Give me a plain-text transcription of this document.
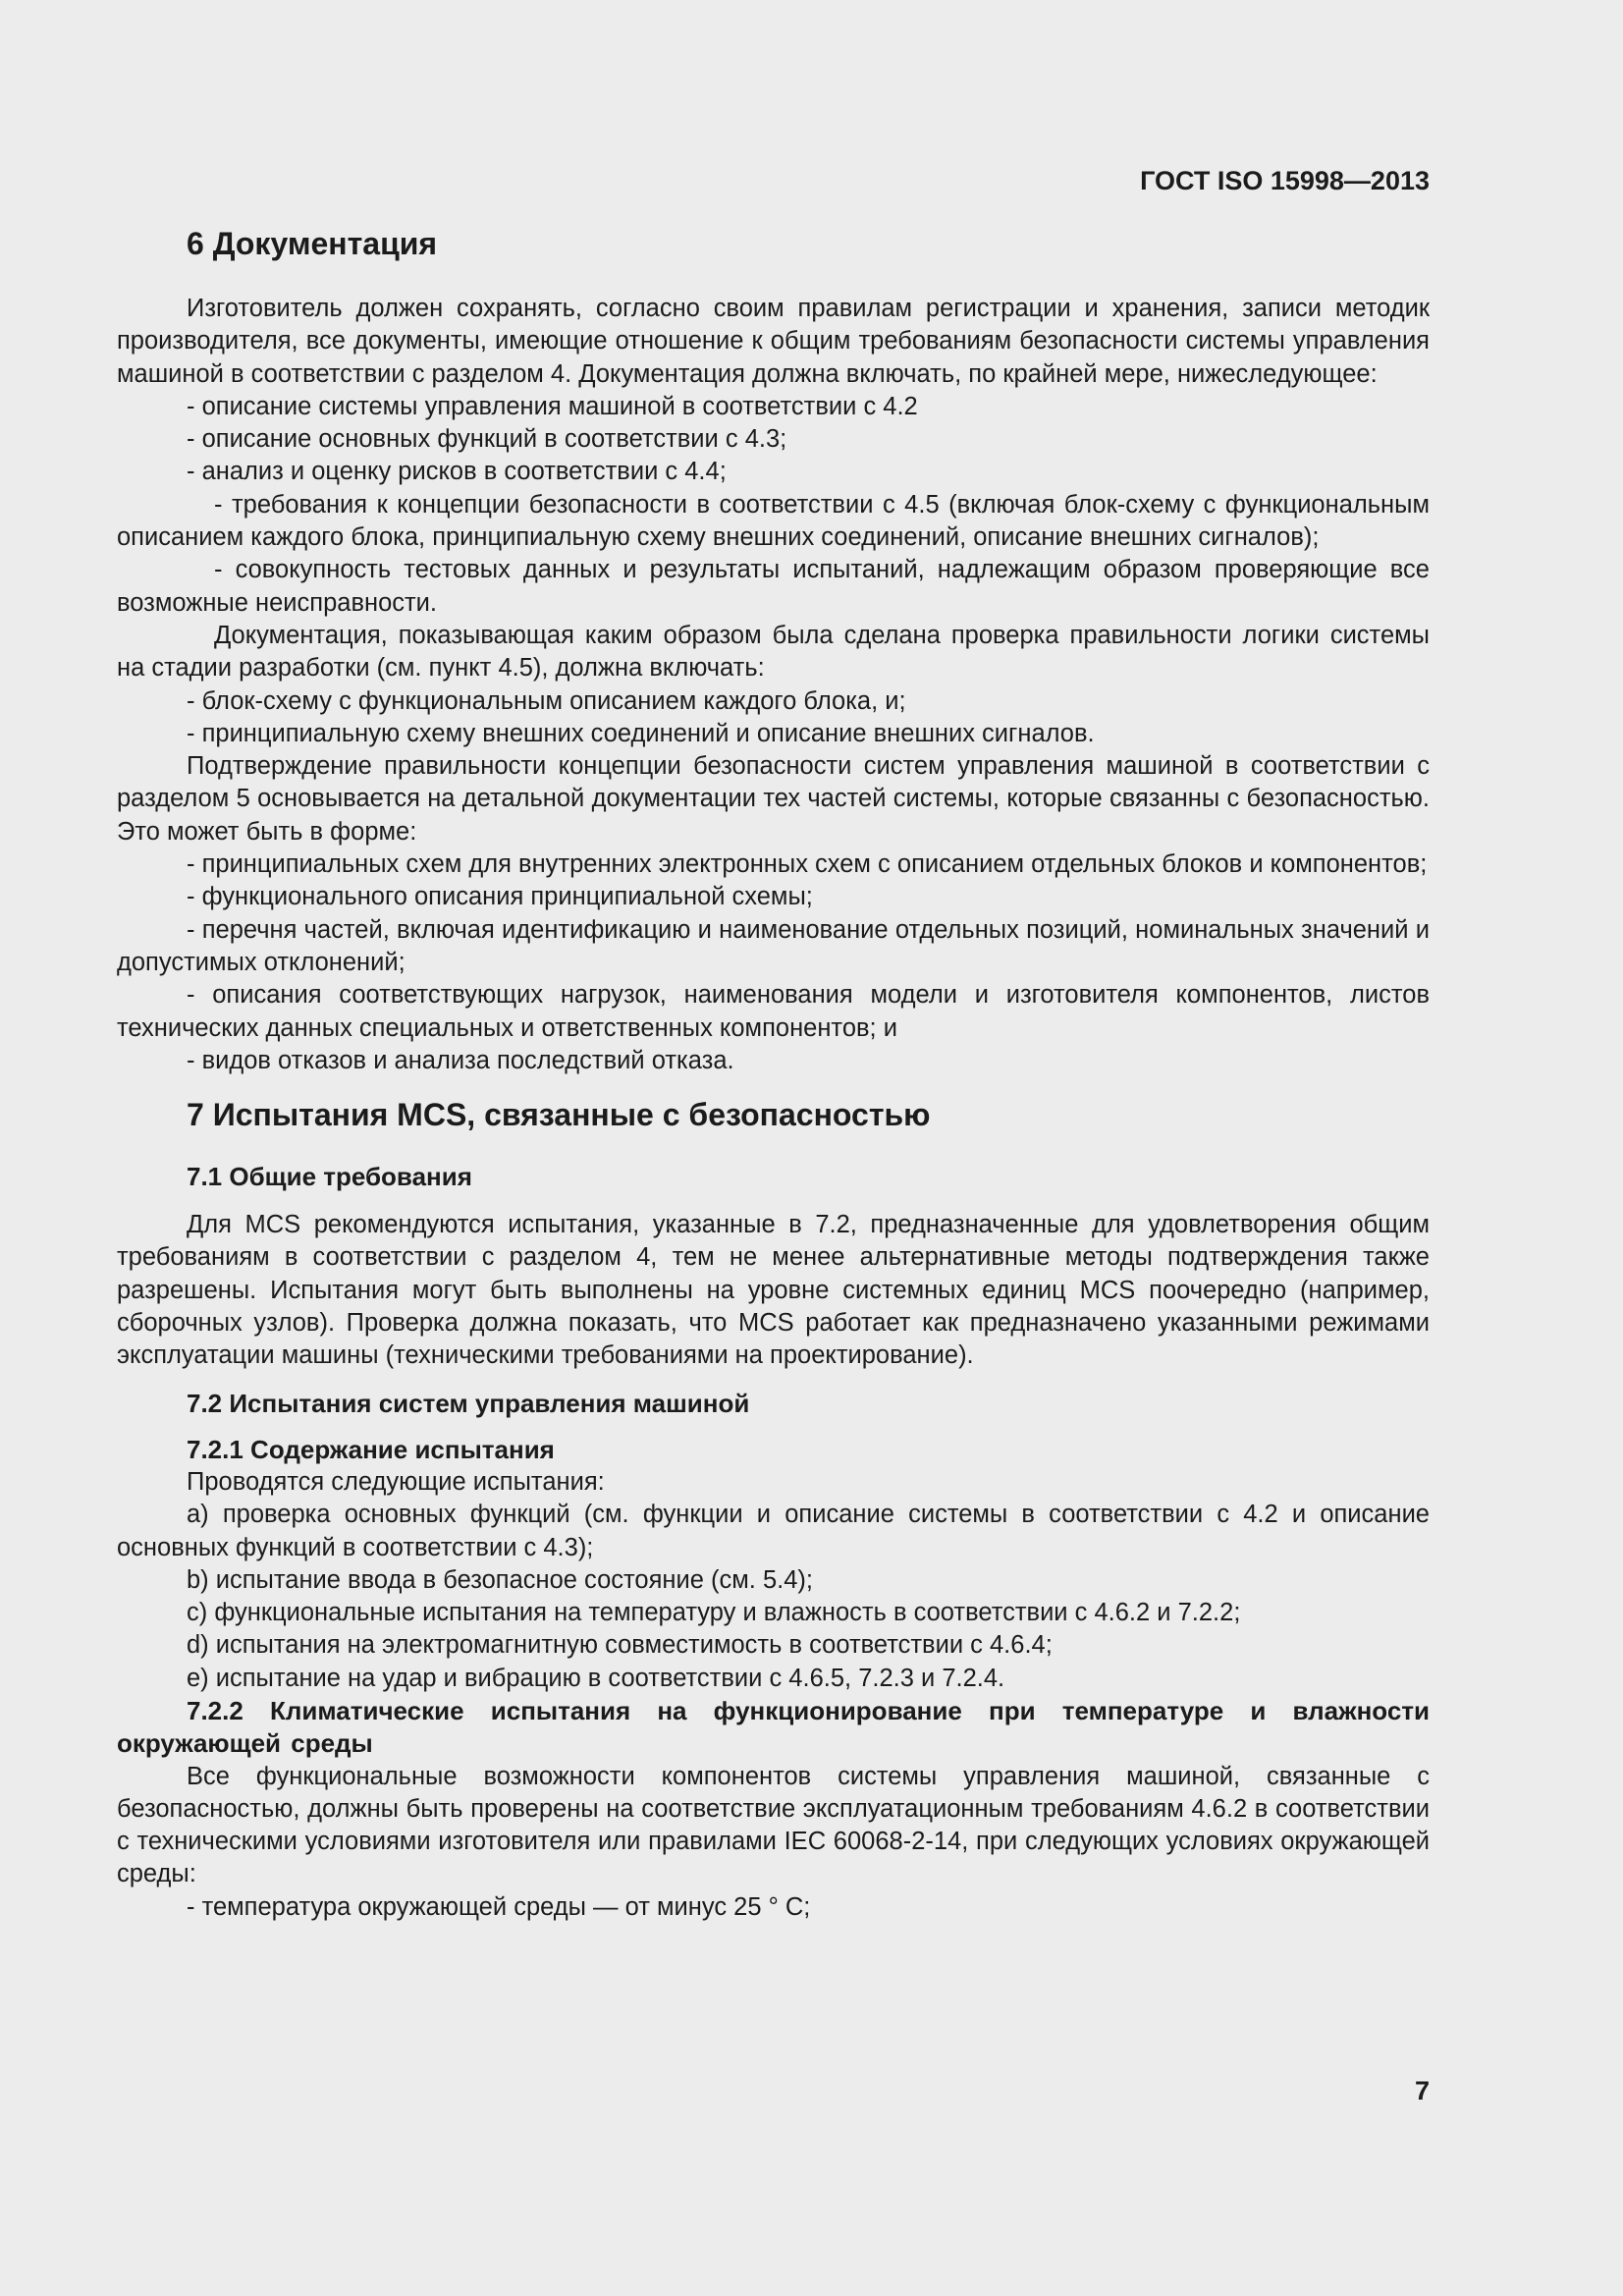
ГОСТ ISO 15998—2013
6 Документация

Изготовитель должен сохранять, согласно своим правилам регистрации и хранения, записи методик производителя, все документы, имеющие отношение к общим требованиям безопасности системы управления машиной в соответствии с разделом 4. Документация должна включать, по крайней мере, нижеследующее:

- описание системы управления машиной в соответствии с 4.2

- описание основных функций в соответствии с 4.3;

- анализ и оценку рисков в соответствии с 4.4;

- требования к концепции безопасности в соответствии с 4.5 (включая блок-схему с функциональным описанием каждого блока, принципиальную схему внешних соединений, описание внешних сигналов);

- совокупность тестовых данных и результаты испытаний, надлежащим образом проверяющие все возможные неисправности.

Документация, показывающая каким образом была сделана проверка правильности логики системы на стадии разработки (см. пункт 4.5), должна включать:

- блок-схему с функциональным описанием каждого блока, и;

- принципиальную схему внешних соединений и описание внешних сигналов.

Подтверждение правильности концепции безопасности систем управления машиной в соответствии с разделом 5 основывается на детальной документации тех частей системы, которые связанны с безопасностью. Это может быть в форме:

- принципиальных схем для внутренних электронных схем с описанием отдельных блоков и компонентов;

- функционального описания принципиальной схемы;

- перечня частей, включая идентификацию и наименование отдельных позиций, номинальных значений и допустимых отклонений;

- описания соответствующих нагрузок, наименования модели и изготовителя компонентов, листов технических данных специальных и ответственных компонентов; и

- видов отказов и анализа последствий отказа.

7 Испытания MCS, связанные с безопасностью
7.1 Общие требования

Для MCS рекомендуются испытания, указанные в 7.2, предназначенные для удовлетворения общим требованиям в соответствии с разделом 4, тем не менее альтернативные методы подтверждения также разрешены. Испытания могут быть выполнены на уровне системных единиц MCS поочередно (например, сборочных узлов). Проверка должна показать, что MCS работает как предназначено указанными режимами эксплуатации машины (техническими требованиями на проектирование).

7.2 Испытания систем управления машиной
7.2.1 Содержание испытания

Проводятся следующие испытания:

а) проверка основных функций (см. функции и описание системы в соответствии с 4.2 и описание основных функций в соответствии с 4.3);

b) испытание ввода в безопасное состояние (см. 5.4);

c) функциональные испытания на температуру и влажность в соответствии с 4.6.2 и 7.2.2;

d) испытания на электромагнитную совместимость в соответствии с 4.6.4;

е) испытание на удар и вибрацию в соответствии с 4.6.5, 7.2.3 и 7.2.4.

7.2.2 Климатические испытания на функционирование при температуре и влажности окружающей среды

Все функциональные возможности компонентов системы управления машиной, связанные с безопасностью, должны быть проверены на соответствие эксплуатационным требованиям 4.6.2 в соответствии с техническими условиями изготовителя или правилами IEC 60068-2-14, при следующих условиях окружающей среды:

- температура окружающей среды — от минус 25 ° С;

7
